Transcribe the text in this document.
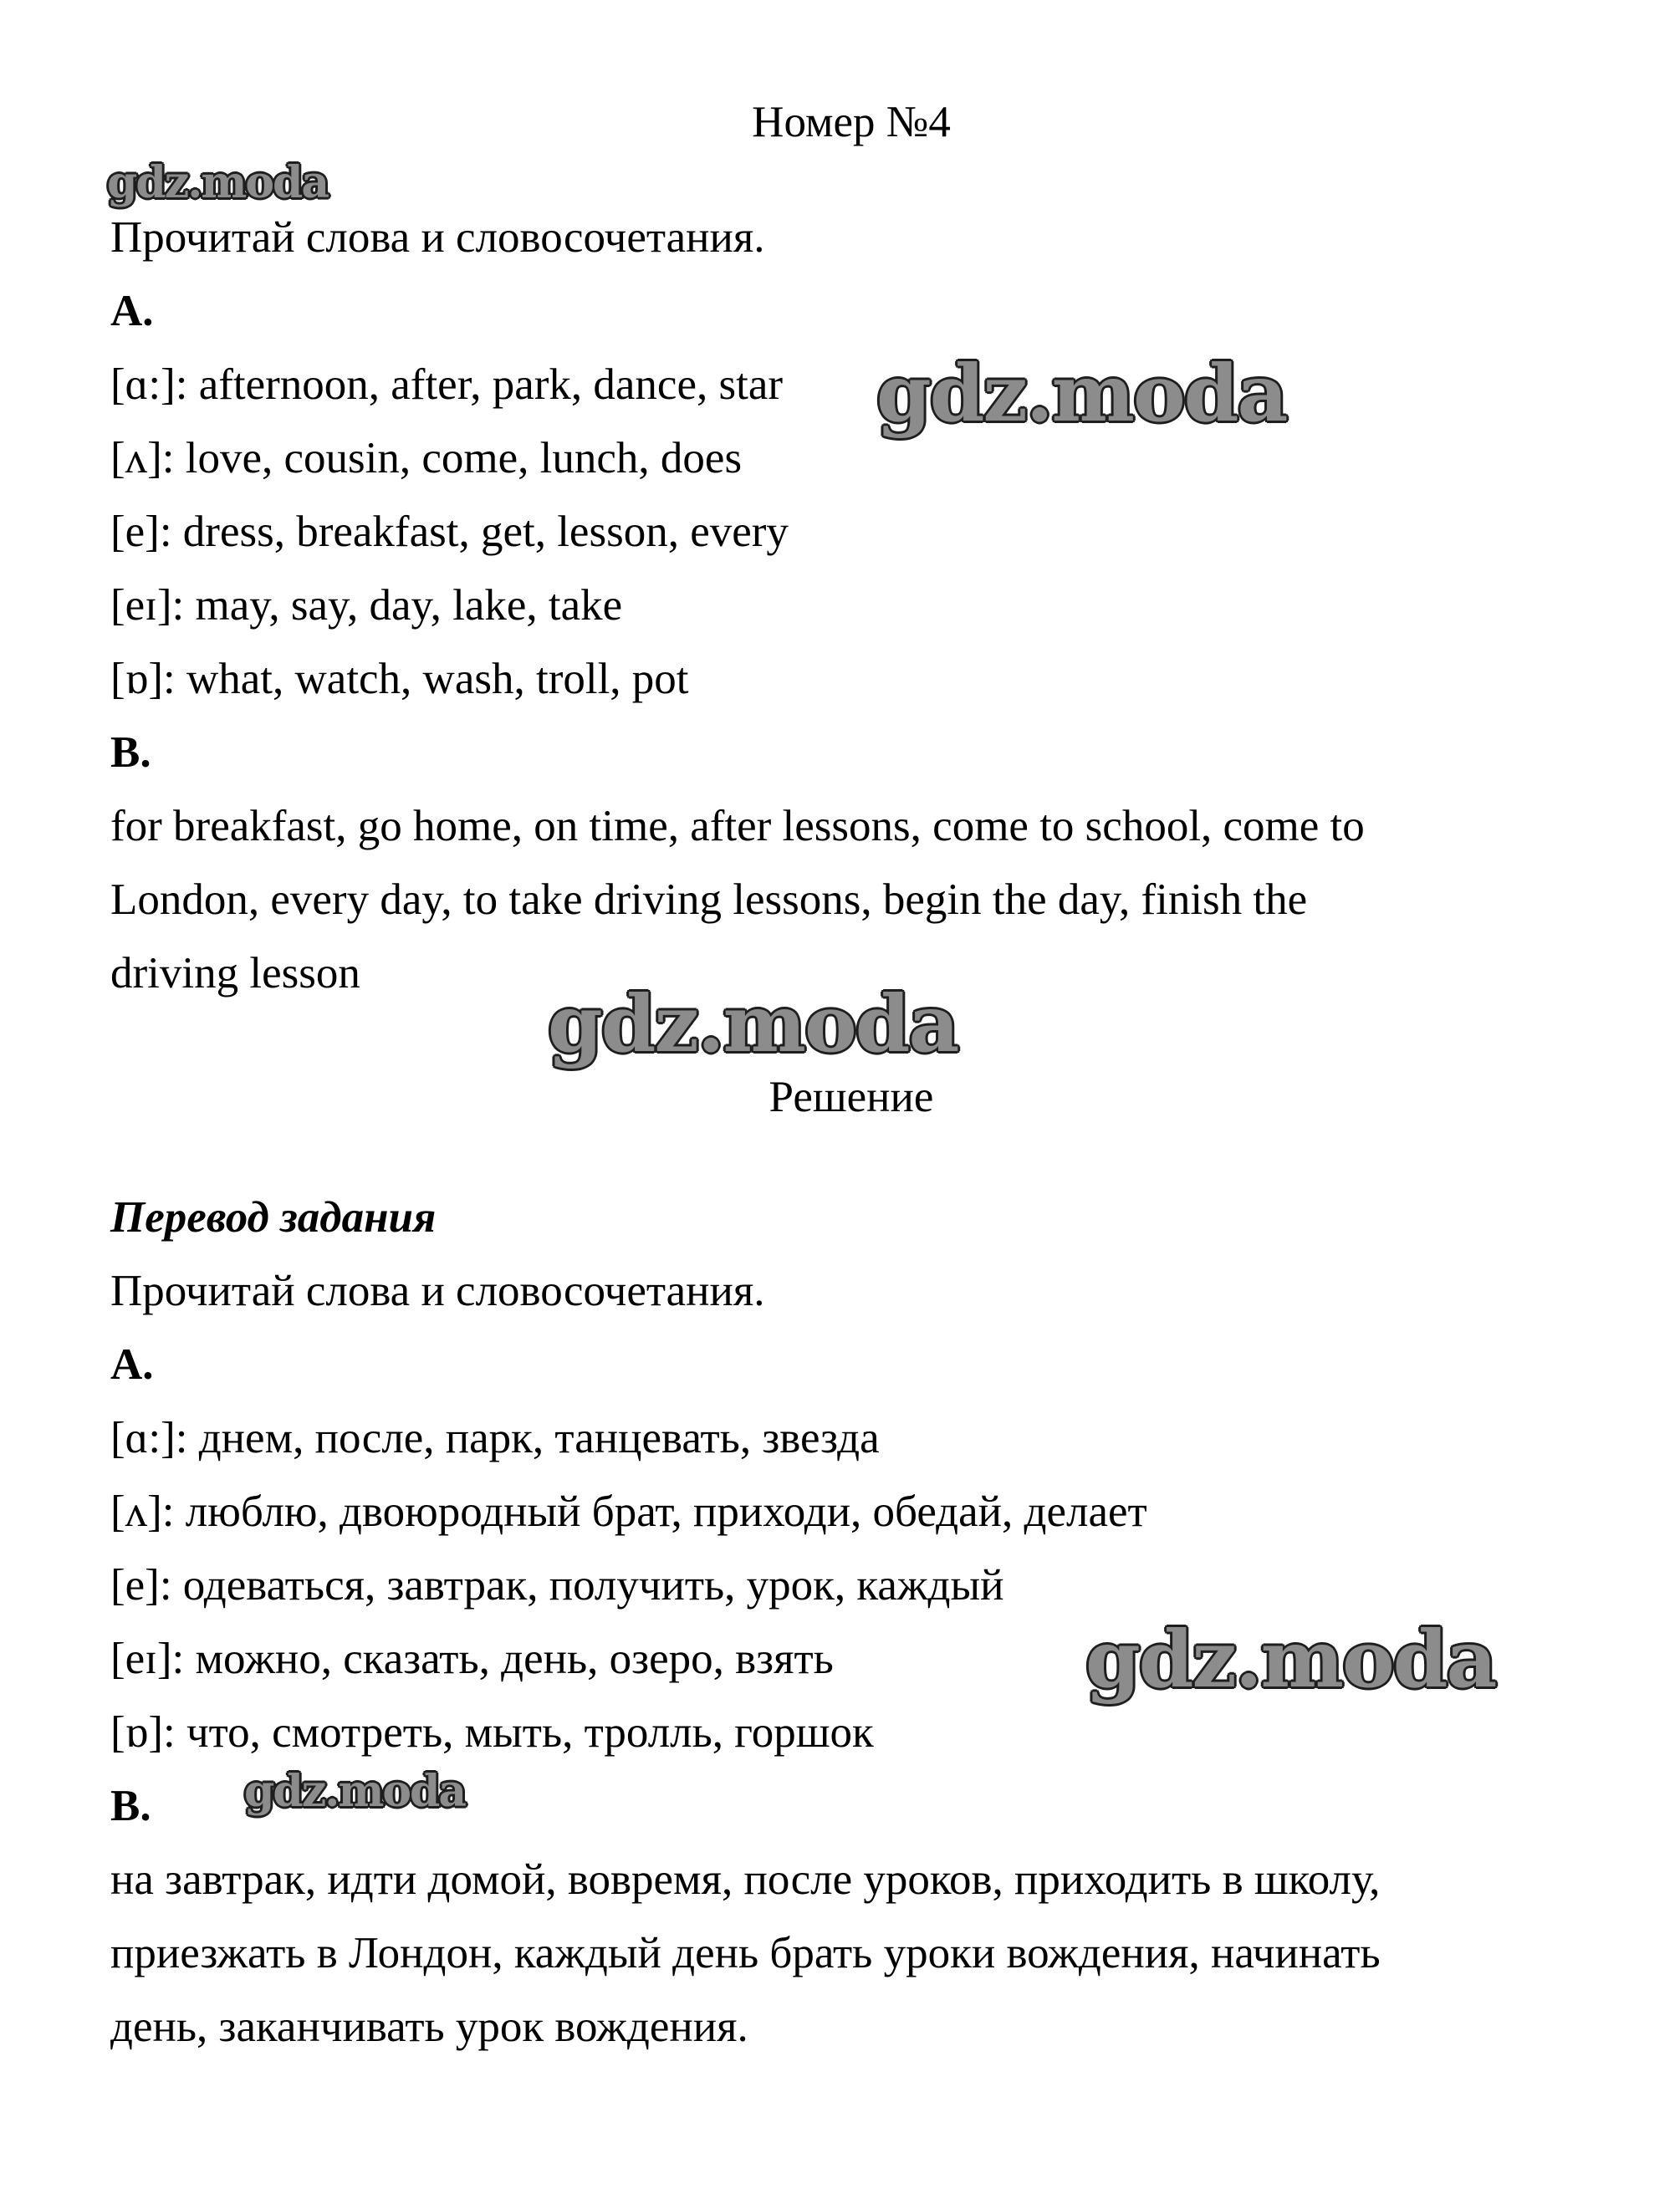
Номер №4
Прочитай слова и словосочетания.
A.
[ɑ:]: afternoon, after, park, dance, star
[ʌ]: love, cousin, come, lunch, does
[e]: dress, breakfast, get, lesson, every
[eɪ]: may, say, day, lake, take
[ɒ]: what, watch, wash, troll, pot
B.
for breakfast, go home, on time, after lessons, come to school, come to
London, every day, to take driving lessons, begin the day, finish the
driving lesson
Решение
Перевод задания
Прочитай слова и словосочетания.
A.
[ɑ:]: днем, после, парк, танцевать, звезда
[ʌ]: люблю, двоюродный брат, приходи, обедай, делает
[e]: одеваться, завтрак, получить, урок, каждый
[eɪ]: можно, сказать, день, озеро, взять
[ɒ]: что, смотреть, мыть, тролль, горшок
B.
на завтрак, идти домой, вовремя, после уроков, приходить в школу,
приезжать в Лондон, каждый день брать уроки вождения, начинать
день, заканчивать урок вождения.
gdz.moda
gdz.moda
gdz.moda
gdz.moda
gdz.moda
